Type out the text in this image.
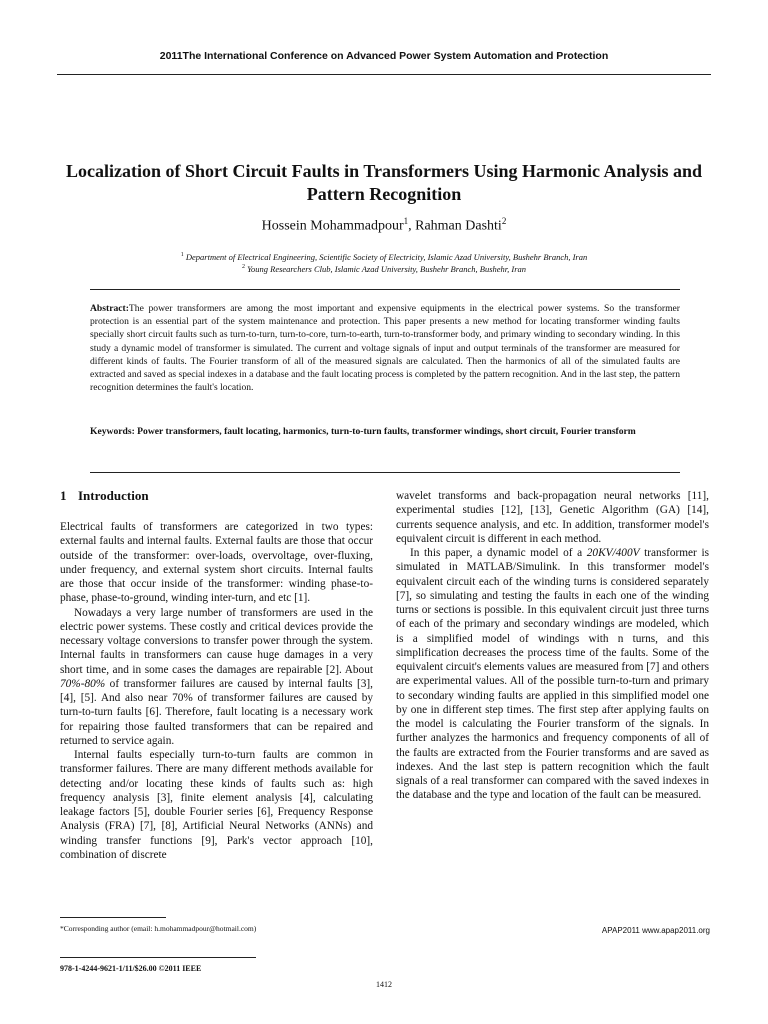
2011The International Conference on Advanced Power System Automation and Protection
Localization of Short Circuit Faults in Transformers Using Harmonic Analysis and Pattern Recognition
Hossein Mohammadpour$^1$, Rahman Dashti$^2$
$^1$ Department of Electrical Engineering, Scientific Society of Electricity, Islamic Azad University, Bushehr Branch, Iran
$^2$ Young Researchers Club, Islamic Azad University, Bushehr Branch, Bushehr, Iran
Abstract:The power transformers are among the most important and expensive equipments in the electrical power systems. So the transformer protection is an essential part of the system maintenance and protection. This paper presents a new method for locating transformer winding faults specially short circuit faults such as turn-to-turn, turn-to-core, turn-to-earth, turn-to-transformer body, and primary winding to secondary winding. In this study a dynamic model of transformer is simulated. The current and voltage signals of input and output terminals of the transformer are measured for different kinds of faults. The Fourier transform of all of the measured signals are calculated. Then the harmonics of all of the simulated faults are extracted and saved as special indexes in a database and the fault locating process is completed by the pattern recognition. And in the last step, the pattern recognition determines the fault's location.
Keywords: Power transformers, fault locating, harmonics, turn-to-turn faults, transformer windings, short circuit, Fourier transform
1 Introduction

Electrical faults of transformers are categorized in two types: external faults and internal faults. External faults are those that occur outside of the transformer: over-loads, overvoltage, over-fluxing, under frequency, and external system short circuits. Internal faults are those that occur inside of the transformer: winding phase-to-phase, phase-to-ground, winding inter-turn, and etc [1].

Nowadays a very large number of transformers are used in the electric power systems. These costly and critical devices provide the necessary voltage conversions to transfer power through the system. Internal faults in transformers can cause huge damages in a very short time, and in some cases the damages are repairable [2]. About 70%-80% of transformer failures are caused by internal faults [3], [4], [5]. And also near 70% of transformer failures are caused by turn-to-turn faults [6]. Therefore, fault locating is a necessary work for repairing those faulted transformers that can be repaired and returned to service again.

Internal faults especially turn-to-turn faults are common in transformer failures. There are many different methods available for detecting and/or locating these kinds of faults such as: high frequency analysis [3], finite element analysis [4], calculating leakage factors [5], double Fourier series [6], Frequency Response Analysis (FRA) [7], [8], Artificial Neural Networks (ANNs) and winding transfer functions [9], Park's vector approach [10], combination of discrete

wavelet transforms and back-propagation neural networks [11], experimental studies [12], [13], Genetic Algorithm (GA) [14], currents sequence analysis, and etc. In addition, transformer model's equivalent circuit is different in each method.

In this paper, a dynamic model of a 20KV/400V transformer is simulated in MATLAB/Simulink. In this transformer model's equivalent circuit each of the winding turns is considered separately [7], so simulating and testing the faults in each one of the winding turns or sections is possible. In this equivalent circuit just three turns of each of the primary and secondary windings are modeled, which is a simplified model of windings with n turns, and this simplification decreases the process time of the faults. Some of the equivalent circuit's elements values are measured from [7] and others are experimental values. All of the possible turn-to-turn and primary to secondary winding faults are applied in this simplified model one by one in different step times. The first step after applying faults on the model is calculating the Fourier transform of the signals. In further analyzes the harmonics and frequency components of all of the faults are extracted from the Fourier transforms and are saved as indexes. And the last step is pattern recognition which the fault signals of a real transformer can compared with the saved indexes in the database and the type and location of the fault can be measured.

*Corresponding author (email: h.mohammadpour@hotmail.com)	APAP2011 www.apap2011.org
978-1-4244-9621-1/11/$26.00 ©2011 IEEE
1412
